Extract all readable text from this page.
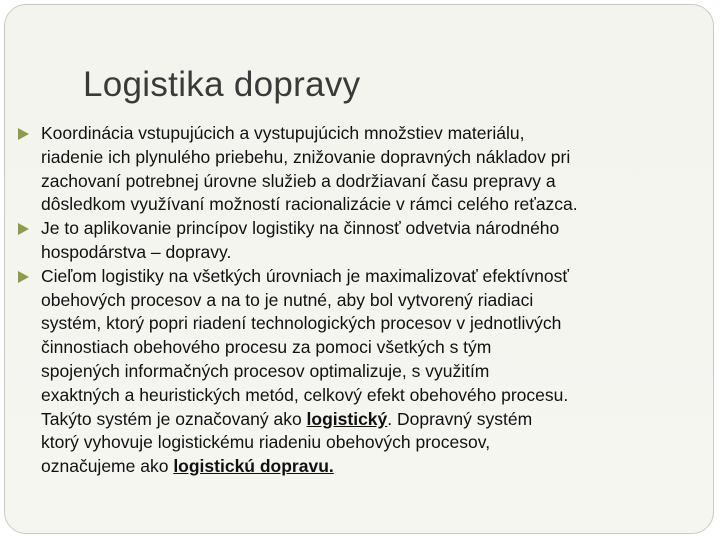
Logistika dopravy
Koordinácia vstupujúcich a vystupujúcich množstiev materiálu,
riadenie ich plynulého priebehu, znižovanie dopravných nákladov pri
zachovaní potrebnej úrovne služieb a dodržiavaní času prepravy a
dôsledkom využívaní možností racionalizácie v rámci celého reťazca.
Je to aplikovanie princípov logistiky na činnosť odvetvia národného
hospodárstva – dopravy.
Cieľom logistiky na všetkých úrovniach je maximalizovať efektívnosť
obehových procesov a na to je nutné, aby bol vytvorený riadiaci
systém, ktorý popri riadení technologických procesov v jednotlivých
činnostiach obehového procesu za pomoci všetkých s tým
spojených informačných procesov optimalizuje, s využitím
exaktných a heuristických metód, celkový efekt obehového procesu.
Takýto systém je označovaný ako logistický. Dopravný systém
ktorý vyhovuje logistickému riadeniu obehových procesov,
označujeme ako logistickú dopravu.
